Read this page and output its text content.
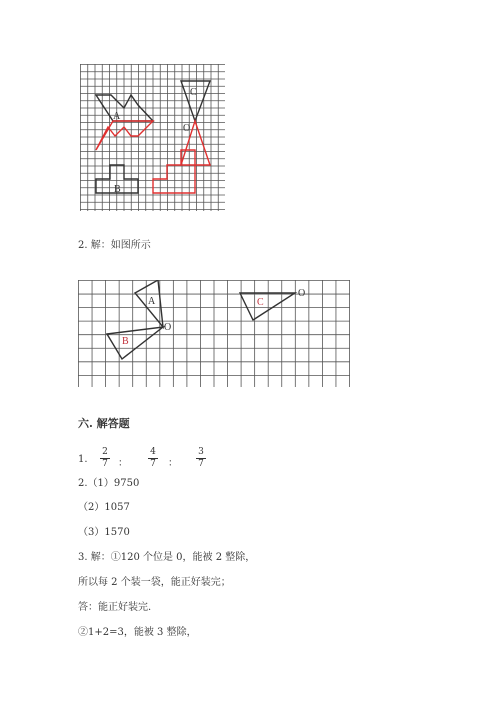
A
B
C
O
2. 解：如图所示
A
B
C
O
O
六. 解答题
1.
2
7	：
4
7	：
3
7
2.（1）9750
（2）1057
（3）1570
3. 解：①120 个位是 0，能被 2 整除，
所以每 2 个装一袋，能正好装完；
答：能正好装完.
②1+2=3，能被 3 整除，
